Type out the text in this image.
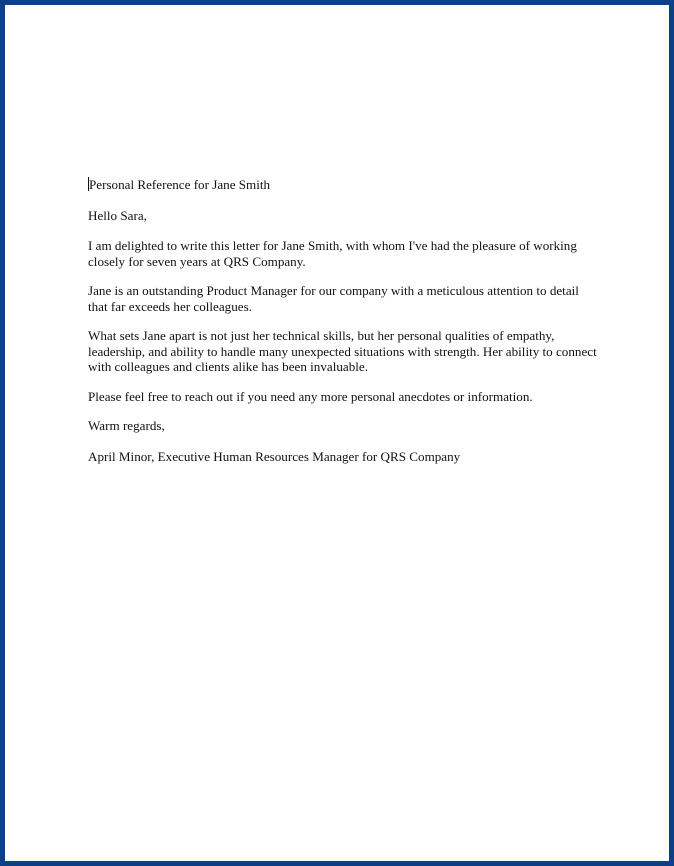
Personal Reference for Jane Smith
Hello Sara,
I am delighted to write this letter for Jane Smith, with whom I've had the pleasure of working
closely for seven years at QRS Company.
Jane is an outstanding Product Manager for our company with a meticulous attention to detail
that far exceeds her colleagues.
What sets Jane apart is not just her technical skills, but her personal qualities of empathy,
leadership, and ability to handle many unexpected situations with strength. Her ability to connect
with colleagues and clients alike has been invaluable.
Please feel free to reach out if you need any more personal anecdotes or information.
Warm regards,
April Minor, Executive Human Resources Manager for QRS Company
